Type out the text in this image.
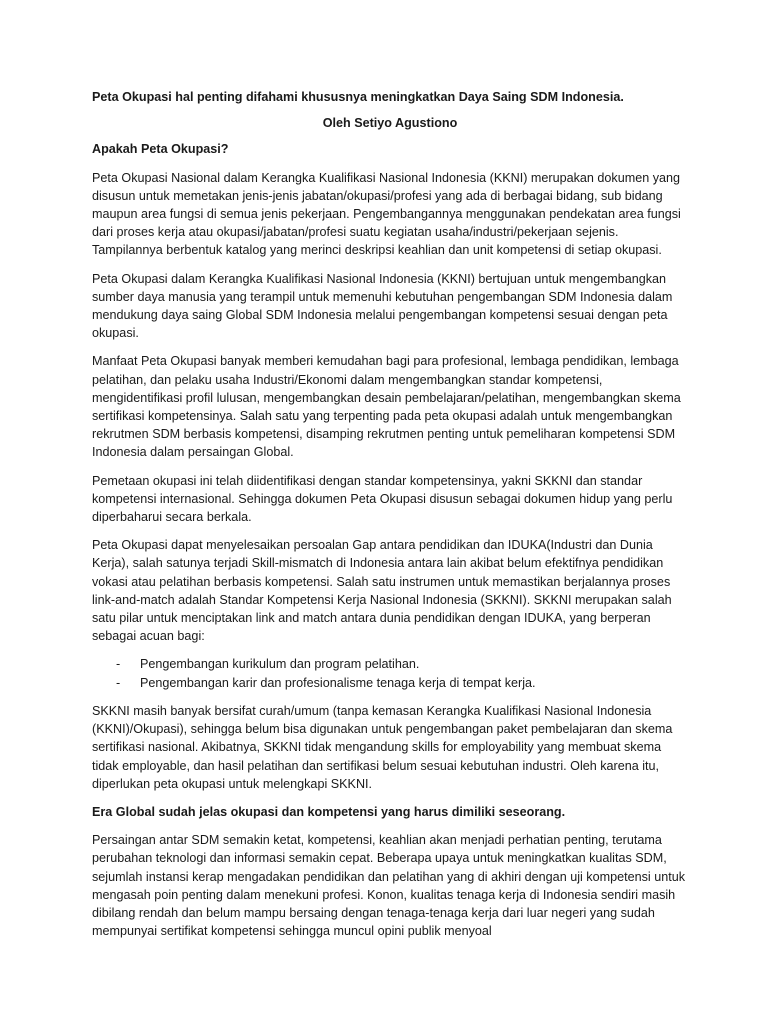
Peta Okupasi hal penting difahami khususnya meningkatkan Daya Saing SDM Indonesia.

Oleh Setiyo Agustiono

Apakah Peta Okupasi?

Peta Okupasi Nasional dalam Kerangka Kualifikasi Nasional Indonesia (KKNI) merupakan dokumen yang disusun untuk memetakan jenis-jenis jabatan/okupasi/profesi yang ada di berbagai bidang, sub bidang maupun area fungsi di semua jenis pekerjaan. Pengembangannya menggunakan pendekatan area fungsi dari proses kerja atau okupasi/jabatan/profesi suatu kegiatan usaha/industri/pekerjaan sejenis. Tampilannya berbentuk katalog yang merinci deskripsi keahlian dan unit kompetensi di setiap okupasi.

Peta Okupasi dalam Kerangka Kualifikasi Nasional Indonesia (KKNI) bertujuan untuk mengembangkan sumber daya manusia yang terampil untuk memenuhi kebutuhan pengembangan SDM Indonesia dalam mendukung daya saing Global SDM Indonesia melalui pengembangan kompetensi sesuai dengan peta okupasi.

Manfaat Peta Okupasi banyak memberi kemudahan bagi para profesional, lembaga pendidikan, lembaga pelatihan, dan pelaku usaha Industri/Ekonomi dalam mengembangkan standar kompetensi, mengidentifikasi profil lulusan, mengembangkan desain pembelajaran/pelatihan, mengembangkan skema sertifikasi kompetensinya. Salah satu yang terpenting pada peta okupasi adalah untuk mengembangkan rekrutmen SDM berbasis kompetensi, disamping rekrutmen penting untuk pemeliharan kompetensi SDM Indonesia dalam persaingan Global.

Pemetaan okupasi ini telah diidentifikasi dengan standar kompetensinya, yakni SKKNI dan standar kompetensi internasional. Sehingga dokumen Peta Okupasi disusun sebagai dokumen hidup yang perlu diperbaharui secara berkala.

Peta Okupasi dapat menyelesaikan persoalan Gap antara pendidikan dan IDUKA(Industri dan Dunia Kerja), salah satunya terjadi Skill-mismatch di Indonesia antara lain akibat belum efektifnya pendidikan vokasi atau pelatihan berbasis kompetensi. Salah satu instrumen untuk memastikan berjalannya proses link-and-match adalah Standar Kompetensi Kerja Nasional Indonesia (SKKNI). SKKNI merupakan salah satu pilar untuk menciptakan link and match antara dunia pendidikan dengan IDUKA, yang berperan sebagai acuan bagi:

- Pengembangan kurikulum dan program pelatihan.
- Pengembangan karir dan profesionalisme tenaga kerja di tempat kerja.

SKKNI masih banyak bersifat curah/umum (tanpa kemasan Kerangka Kualifikasi Nasional Indonesia (KKNI)/Okupasi), sehingga belum bisa digunakan untuk pengembangan paket pembelajaran dan skema sertifikasi nasional. Akibatnya, SKKNI tidak mengandung skills for employability yang membuat skema tidak employable, dan hasil pelatihan dan sertifikasi belum sesuai kebutuhan industri. Oleh karena itu, diperlukan peta okupasi untuk melengkapi SKKNI.

Era Global sudah jelas okupasi dan kompetensi yang harus dimiliki seseorang.

Persaingan antar SDM semakin ketat, kompetensi, keahlian akan menjadi perhatian penting, terutama perubahan teknologi dan informasi semakin cepat. Beberapa upaya untuk meningkatkan kualitas SDM, sejumlah instansi kerap mengadakan pendidikan dan pelatihan yang di akhiri dengan uji kompetensi untuk mengasah poin penting dalam menekuni profesi. Konon, kualitas tenaga kerja di Indonesia sendiri masih dibilang rendah dan belum mampu bersaing dengan tenaga-tenaga kerja dari luar negeri yang sudah mempunyai sertifikat kompetensi sehingga muncul opini publik menyoal
